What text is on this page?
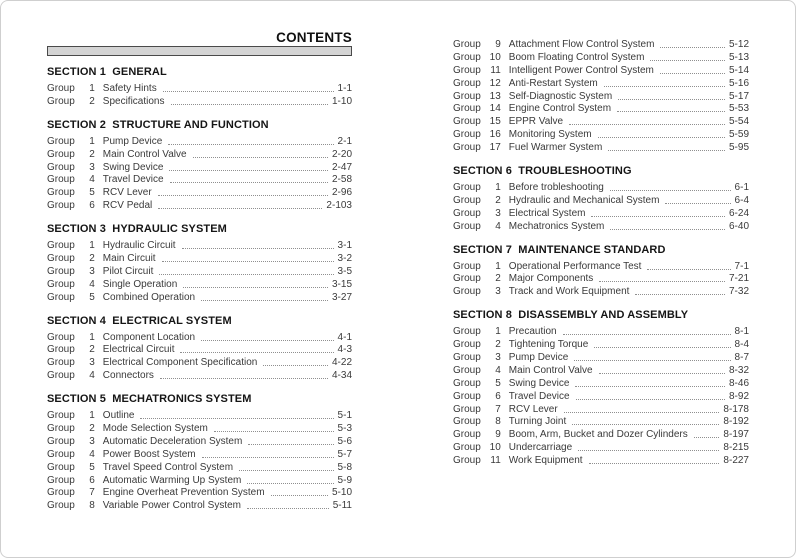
CONTENTS
SECTION 1  GENERAL
Group	1 Safety Hints	1-1
Group	2 Specifications	1-10
SECTION 2  STRUCTURE AND FUNCTION
Group	1 Pump Device	2-1
Group	2 Main Control Valve	2-20
Group	3 Swing Device	2-47
Group	4 Travel Device	2-58
Group	5 RCV Lever	2-96
Group	6 RCV Pedal	2-103
SECTION 3  HYDRAULIC SYSTEM
Group	1 Hydraulic Circuit	3-1
Group	2 Main Circuit	3-2
Group	3 Pilot Circuit	3-5
Group	4 Single Operation	3-15
Group	5 Combined Operation	3-27
SECTION 4  ELECTRICAL SYSTEM
Group	1 Component Location	4-1
Group	2 Electrical Circuit	4-3
Group	3 Electrical Component Specification	4-22
Group	4 Connectors	4-34
SECTION 5  MECHATRONICS SYSTEM
Group	1 Outline	5-1
Group	2 Mode Selection System	5-3
Group	3 Automatic Deceleration System	5-6
Group	4 Power Boost System	5-7
Group	5 Travel Speed Control System	5-8
Group	6 Automatic Warming Up System	5-9
Group	7 Engine Overheat Prevention System	5-10
Group	8 Variable Power Control System	5-11
Group	9 Attachment Flow Control System	5-12
Group 10 Boom Floating Control System	5-13
Group 11 Intelligent Power Control System	5-14
Group 12 Anti-Restart System	5-16
Group 13 Self-Diagnostic System	5-17
Group 14 Engine Control System	5-53
Group 15 EPPR Valve	5-54
Group 16 Monitoring System	5-59
Group 17 Fuel Warmer System	5-95
SECTION 6  TROUBLESHOOTING
Group	1 Before trobleshooting	6-1
Group	2 Hydraulic and Mechanical System	6-4
Group	3 Electrical System	6-24
Group	4 Mechatronics System	6-40
SECTION 7  MAINTENANCE STANDARD
Group	1 Operational Performance Test	7-1
Group	2 Major Components	7-21
Group	3 Track and Work Equipment	7-32
SECTION 8  DISASSEMBLY AND ASSEMBLY
Group	1 Precaution	8-1
Group	2 Tightening Torque	8-4
Group	3 Pump Device	8-7
Group	4 Main Control Valve	8-32
Group	5 Swing Device	8-46
Group	6 Travel Device	8-92
Group	7 RCV Lever	8-178
Group	8 Turning Joint	8-192
Group	9 Boom, Arm, Bucket and Dozer Cylinders	8-197
Group 10 Undercarriage	8-215
Group 11 Work Equipment	8-227
